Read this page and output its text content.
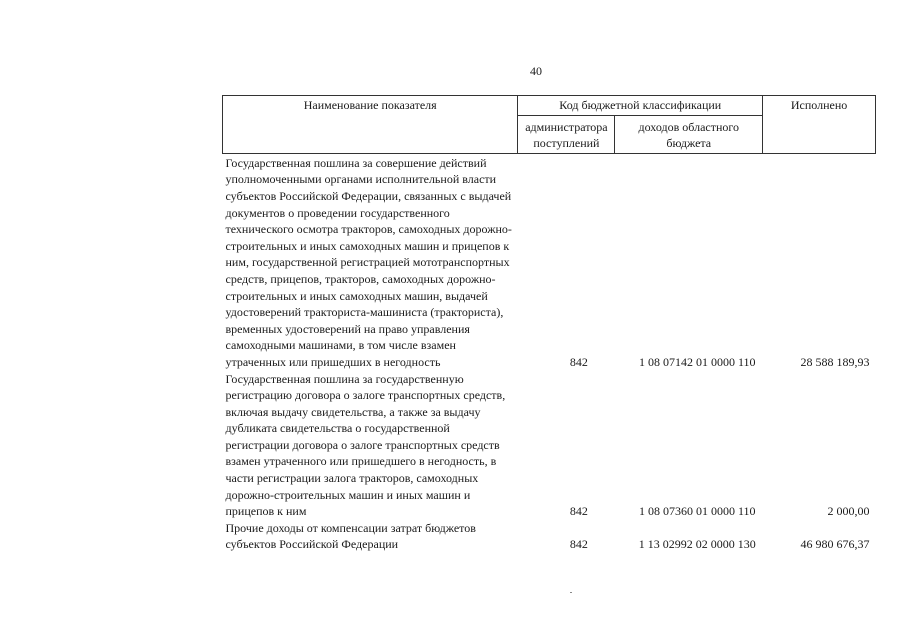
40
Наименование показателя	Код бюджетной классификации		Исполнено
	администратора поступлений	доходов областного бюджета	
Государственная пошлина за совершение действий уполномоченными органами исполнительной власти субъектов Российской Федерации, связанных с выдачей документов о проведении государственного технического осмотра тракторов, самоходных дорожно-строительных и иных самоходных машин и прицепов к ним, государственной регистрацией мототранспортных средств, прицепов, тракторов, самоходных дорожно-строительных и иных самоходных машин, выдачей удостоверений тракториста-машиниста (тракториста), временных удостоверений на право управления самоходными машинами, в том числе взамен утраченных или пришедших в негодность	842	1 08 07142 01 0000 110	28 588 189,93
Государственная пошлина за государственную регистрацию договора о залоге транспортных средств, включая выдачу свидетельства, а также за выдачу дубликата свидетельства о государственной регистрации договора о залоге транспортных средств взамен утраченного или пришедшего в негодность, в части регистрации залога тракторов, самоходных дорожно-строительных машин и иных машин и прицепов к ним	842	1 08 07360 01 0000 110	2 000,00
Прочие доходы от компенсации затрат бюджетов субъектов Российской Федерации	842	1 13 02992 02 0000 130	46 980 676,37
